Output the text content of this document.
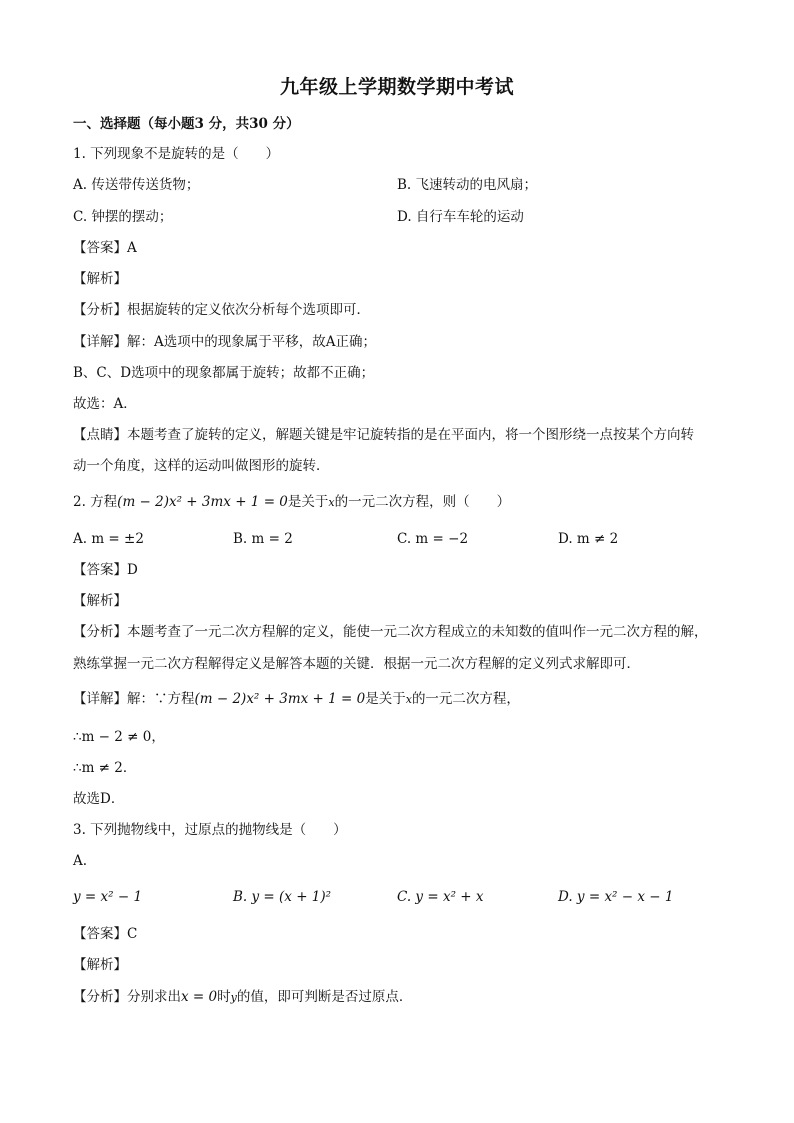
九年级上学期数学期中考试
一、选择题（每小题3 分，共30 分）
1. 下列现象不是旋转的是（　　）
A. 传送带传送货物；	B. 飞速转动的电风扇；
C. 钟摆的摆动；	D. 自行车车轮的运动
【答案】A
【解析】
【分析】根据旋转的定义依次分析每个选项即可．
【详解】解：A选项中的现象属于平移，故A正确；
B、C、D选项中的现象都属于旋转；故都不正确；
故选：A．
【点睛】本题考查了旋转的定义，解题关键是牢记旋转指的是在平面内，将一个图形绕一点按某个方向转
动一个角度，这样的运动叫做图形的旋转．
2. 方程(m − 2)x² + 3mx + 1 = 0是关于x的一元二次方程，则（　　）
A. m = ±2	B. m = 2	C. m = −2	D. m ≠ 2
【答案】D
【解析】
【分析】本题考查了一元二次方程解的定义，能使一元二次方程成立的未知数的值叫作一元二次方程的解，
熟练掌握一元二次方程解得定义是解答本题的关键．根据一元二次方程解的定义列式求解即可．
【详解】解：∵方程(m − 2)x² + 3mx + 1 = 0是关于x的一元二次方程，
∴m − 2 ≠ 0，
∴m ≠ 2．
故选D．
3. 下列抛物线中，过原点的抛物线是（　　）
A.
y = x² − 1	B. y = (x + 1)²	C. y = x² + x	D. y = x² − x − 1
【答案】C
【解析】
【分析】分别求出x = 0时y的值，即可判断是否过原点．
